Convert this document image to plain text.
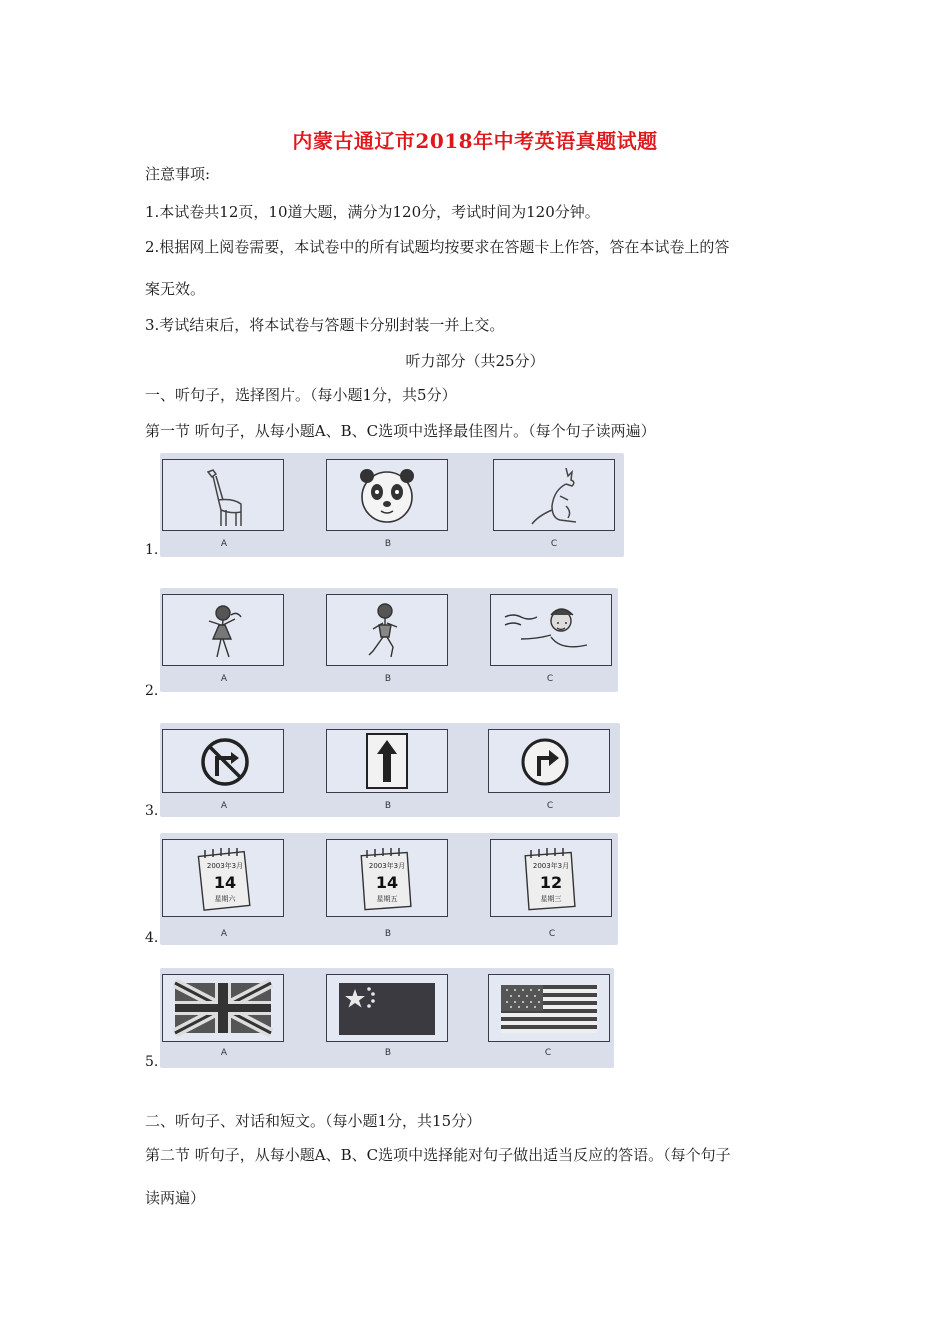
内蒙古通辽市2018年中考英语真题试题
注意事项:
1.本试卷共12页，10道大题，满分为120分，考试时间为120分钟。
2.根据网上阅卷需要，本试卷中的所有试题均按要求在答题卡上作答，答在本试卷上的答
案无效。
3.考试结束后，将本试卷与答题卡分别封装一并上交。
听力部分（共25分）
一、听句子，选择图片。（每小题1分，共5分）
第一节 听句子，从每小题A、B、C选项中选择最佳图片。（每个句子读两遍）
1.	A	B	C
2.
A	B	C
3.	A	B	C
4.
2003年3月
14
星期六
2003年3月
14
星期五
2003年3月
12
星期三
A	B	C
5.
A	B	C
二、听句子、对话和短文。（每小题1分，共15分）
第二节 听句子，从每小题A、B、C选项中选择能对句子做出适当反应的答语。（每个句子
读两遍）
